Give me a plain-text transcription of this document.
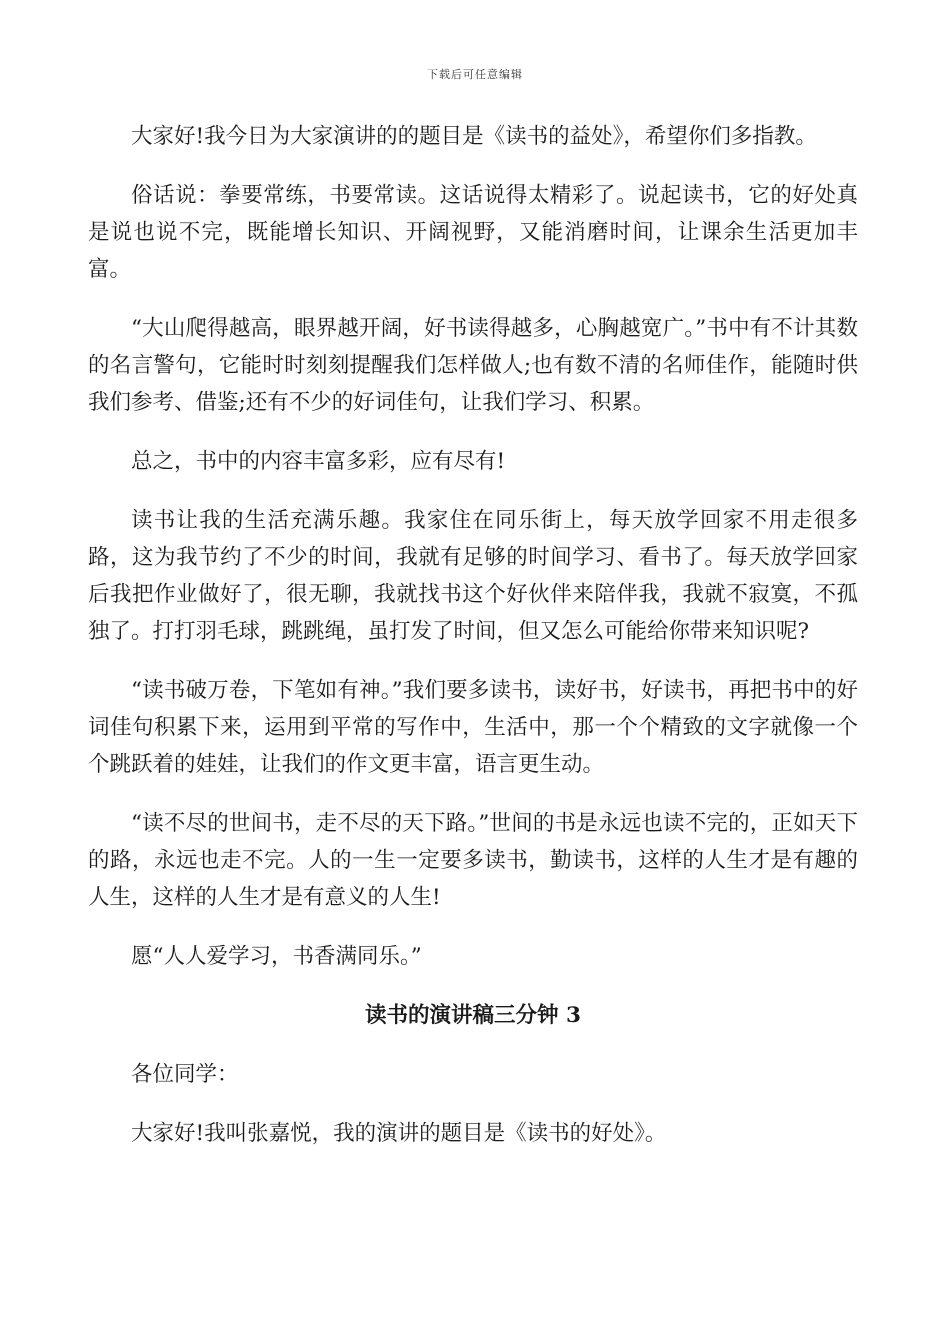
下载后可任意编辑

大家好!我今日为大家演讲的的题目是《读书的益处》，希望你们多指教。

俗话说：拳要常练，书要常读。这话说得太精彩了。说起读书，它的好处真是说也说不完，既能增长知识、开阔视野，又能消磨时间，让课余生活更加丰富。

“大山爬得越高，眼界越开阔，好书读得越多，心胸越宽广。”书中有不计其数的名言警句，它能时时刻刻提醒我们怎样做人;也有数不清的名师佳作，能随时供我们参考、借鉴;还有不少的好词佳句，让我们学习、积累。

总之，书中的内容丰富多彩，应有尽有!

读书让我的生活充满乐趣。我家住在同乐街上，每天放学回家不用走很多路，这为我节约了不少的时间，我就有足够的时间学习、看书了。每天放学回家后我把作业做好了，很无聊，我就找书这个好伙伴来陪伴我，我就不寂寞，不孤独了。打打羽毛球，跳跳绳，虽打发了时间，但又怎么可能给你带来知识呢?

“读书破万卷，下笔如有神。”我们要多读书，读好书，好读书，再把书中的好词佳句积累下来，运用到平常的写作中，生活中，那一个个精致的文字就像一个个跳跃着的娃娃，让我们的作文更丰富，语言更生动。

“读不尽的世间书，走不尽的天下路。”世间的书是永远也读不完的，正如天下的路，永远也走不完。人的一生一定要多读书，勤读书，这样的人生才是有趣的人生，这样的人生才是有意义的人生!

愿“人人爱学习，书香满同乐。”

读书的演讲稿三分钟 3

各位同学：

大家好!我叫张嘉悦，我的演讲的题目是《读书的好处》。
